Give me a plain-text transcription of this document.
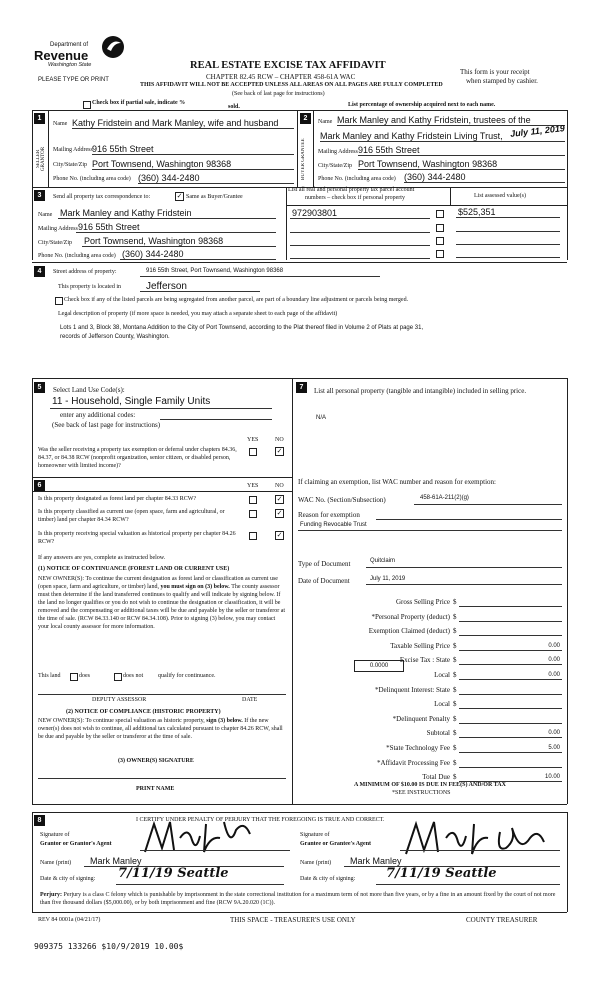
Department of
Revenue
Washington State
PLEASE TYPE OR PRINT
REAL ESTATE EXCISE TAX AFFIDAVIT
CHAPTER 82.45 RCW – CHAPTER 458-61A WAC
THIS AFFIDAVIT WILL NOT BE ACCEPTED UNLESS ALL AREAS ON ALL PAGES ARE FULLY COMPLETED
(See back of last page for instructions)
This form is your receipt
when stamped by cashier.
Check box if partial sale, indicate %
sold.	List percentage of ownership acquired next to each name.
1
SELLER GRANTOR
Name Kathy Fridstein and Mark Manley, wife and husband
Mailing Address 916 55th Street
City/State/Zip Port Townsend, Washington 98368
Phone No. (including area code) (360) 344-2480
2
BUYER GRANTEE
Name Mark Manley and Kathy Fridstein, trustees of the
Mark Manley and Kathy Fridstein Living Trust, July 11, 2019
Mailing Address 916 55th Street
City/State/Zip Port Townsend, Washington 98368
Phone No. (including area code) (360) 344-2480
3	Send all property tax correspondence to:	✓ Same as Buyer/Grantee
List all real and personal property tax parcel account
numbers – check box if personal property	List assessed value(s)
Name Mark Manley and Kathy Fridstein
Mailing Address 916 55th Street
City/State/Zip Port Townsend, Washington 98368
Phone No. (including area code) (360) 344-2480
972903801	$525,351
4	Street address of property:	916 55th Street, Port Townsend, Washington 98368
This property is located in	Jefferson
Check box if any of the listed parcels are being segregated from another parcel, are part of a boundary line adjustment or parcels being merged.
Legal description of property (if more space is needed, you may attach a separate sheet to each page of the affidavit)
Lots 1 and 3, Block 38, Montana Addition to the City of Port Townsend, according to the Plat thereof filed in Volume 2 of Plats at page 31,
records of Jefferson County, Washington.
5	Select Land Use Code(s):
11 - Household, Single Family Units
enter any additional codes:
(See back of last page for instructions)
YES	NO
Was the seller receiving a property tax exemption or deferral under chapters 84.36, 84.37, or 84.38 RCW (nonprofit organization, senior citizen, or disabled person, homeowner with limited income)?
✓
7	List all personal property (tangible and intangible) included in selling price.
N/A
6	YES	NO
Is this property designated as forest land per chapter 84.33 RCW?	✓
Is this property classified as current use (open space, farm and agricultural, or timber) land per chapter 84.34 RCW?
✓
Is this property receiving special valuation as historical property per chapter 84.26 RCW?
✓
If any answers are yes, complete as instructed below.
(1) NOTICE OF CONTINUANCE (FOREST LAND OR CURRENT USE)
NEW OWNER(S): To continue the current designation as forest land or classification as current use (open space, farm and agriculture, or timber) land, you must sign on (3) below. The county assessor must then determine if the land transferred continues to qualify and will indicate by signing below. If the land no longer qualifies or you do not wish to continue the designation or classification, it will be removed and the compensating or additional taxes will be due and payable by the seller or transferor at the time of sale. (RCW 84.33.140 or RCW 84.34.108). Prior to signing (3) below, you may contact your local county assessor for more information.
This land	does	does not qualify for continuance.
DEPUTY ASSESSOR	DATE
(2) NOTICE OF COMPLIANCE (HISTORIC PROPERTY)
NEW OWNER(S): To continue special valuation as historic property, sign (3) below. If the new owner(s) does not wish to continue, all additional tax calculated pursuant to chapter 84.26 RCW, shall be due and payable by the seller or transferor at the time of sale.
(3) OWNER(S) SIGNATURE
PRINT NAME
If claiming an exemption, list WAC number and reason for exemption:
WAC No. (Section/Subsection)	458-61A-211(2)(g)
Reason for exemption
Funding Revocable Trust
Type of Document	Quitclaim
Date of Document	July 11, 2019
Gross Selling Price $
*Personal Property (deduct) $
Exemption Claimed (deduct) $
Taxable Selling Price $	0.00
Excise Tax : State $	0.00
Local $	0.00
*Delinquent Interest: State $
Local $
*Delinquent Penalty $
Subtotal $	0.00
*State Technology Fee $	5.00
*Affidavit Processing Fee $
Total Due $	10.00
0.0000
A MINIMUM OF $10.00 IS DUE IN FEE(S) AND/OR TAX
*SEE INSTRUCTIONS
8	I CERTIFY UNDER PENALTY OF PERJURY THAT THE FOREGOING IS TRUE AND CORRECT.
Signature of
Grantor or Grantor's Agent
Signature of
Grantee or Grantee's Agent
Name (print) Mark Manley	Name (print) Mark Manley
Date & city of signing: 7/11/19 Seattle	Date & city of signing: 7/11/19 Seattle
Perjury: Perjury is a class C felony which is punishable by imprisonment in the state correctional institution for a maximum term of not more than five years, or by a fine in an amount fixed by the court of not more than five thousand dollars ($5,000.00), or by both imprisonment and fine (RCW 9A.20.020 (1C)).
REV 84 0001a (04/21/17)	THIS SPACE - TREASURER'S USE ONLY	COUNTY TREASURER
909375 133266 $10/9/2019 10.00$
